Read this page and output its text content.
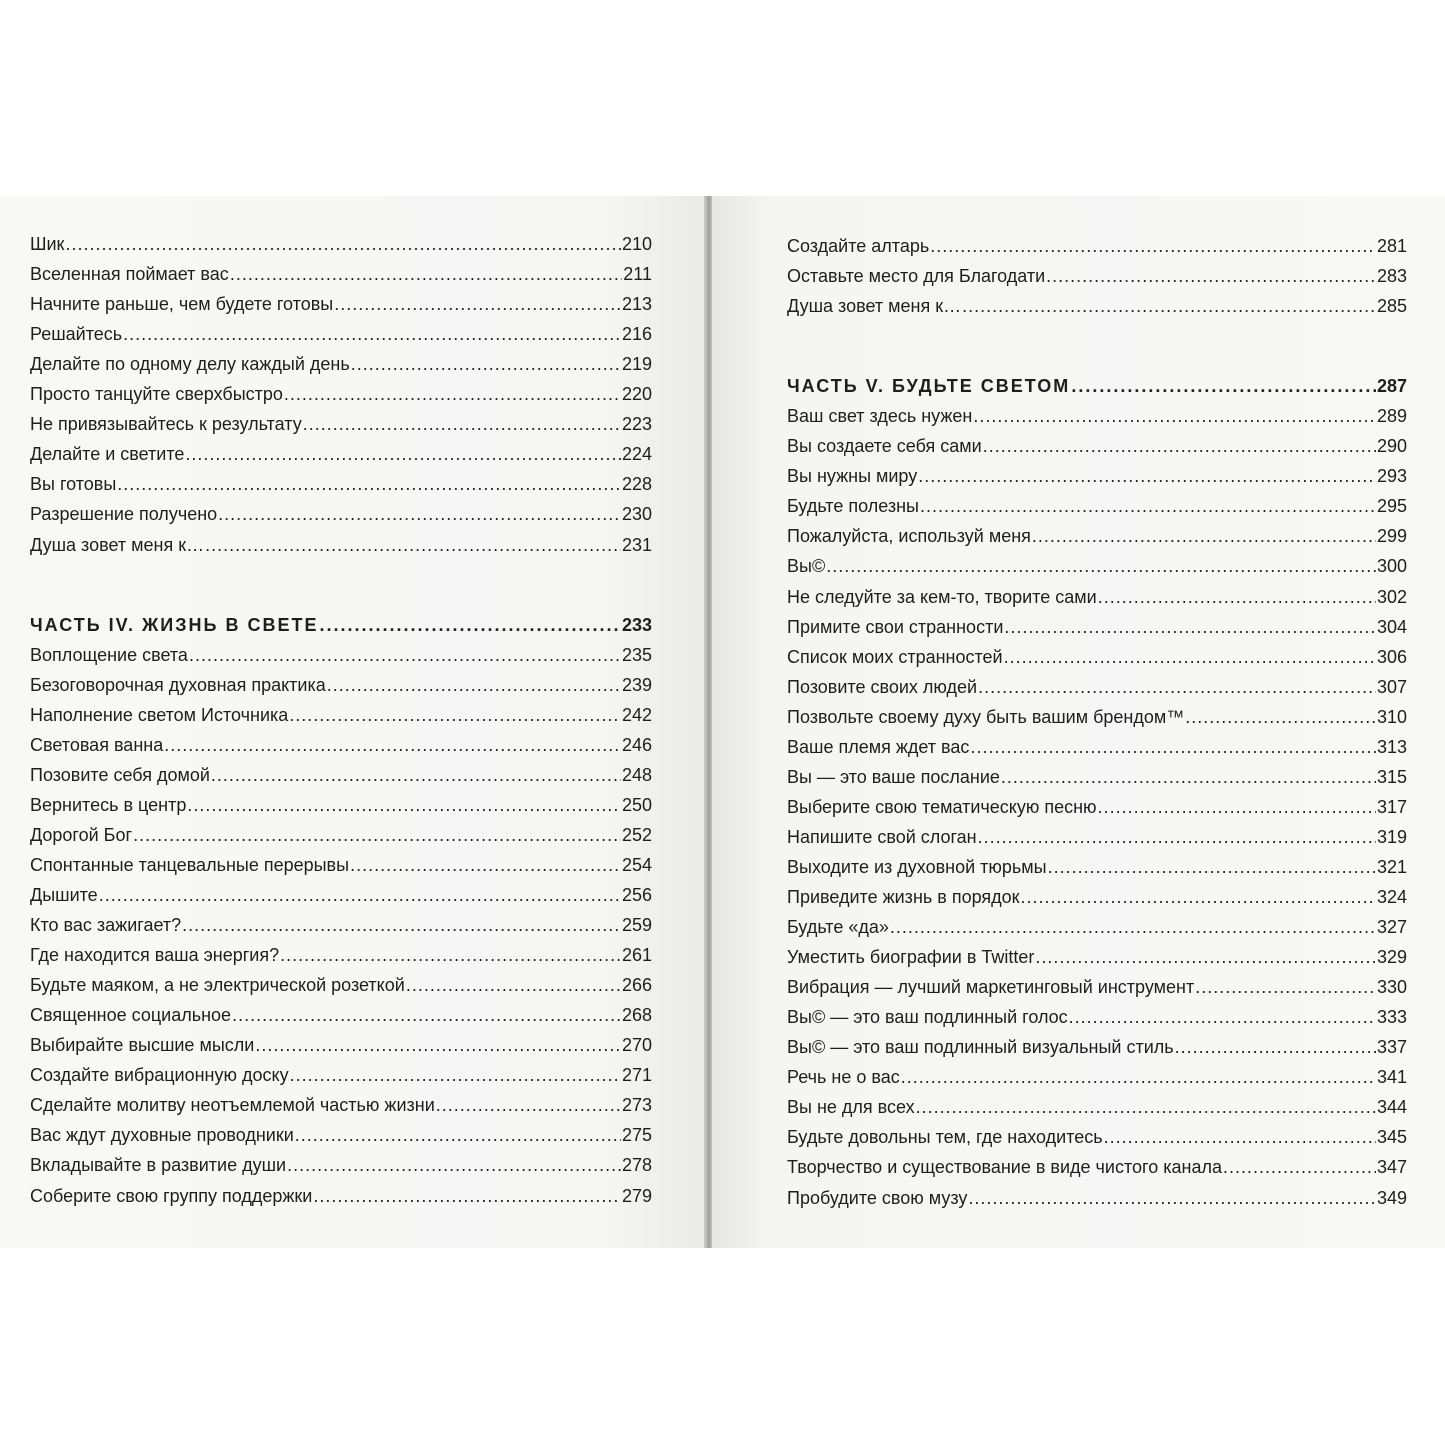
Шик .....	210
Вселенная поймает вас .....	211
Начните раньше, чем будете готовы .....	213
Решайтесь .....	216
Делайте по одному делу каждый день .....	219
Просто танцуйте сверхбыстро .....	220
Не привязывайтесь к результату .....	223
Делайте и светите .....	224
Вы готовы .....	228
Разрешение получено .....	230
Душа зовет меня к… .....	231
ЧАСТЬ IV. ЖИЗНЬ В СВЕТЕ .....	233
Воплощение света .....	235
Безоговорочная духовная практика .....	239
Наполнение светом Источника .....	242
Световая ванна .....	246
Позовите себя домой .....	248
Вернитесь в центр .....	250
Дорогой Бог .....	252
Спонтанные танцевальные перерывы .....	254
Дышите .....	256
Кто вас зажигает? .....	259
Где находится ваша энергия? .....	261
Будьте маяком, а не электрической розеткой .....	266
Священное социальное .....	268
Выбирайте высшие мысли .....	270
Создайте вибрационную доску .....	271
Сделайте молитву неотъемлемой частью жизни .....	273
Вас ждут духовные проводники .....	275
Вкладывайте в развитие души .....	278
Соберите свою группу поддержки .....	279
Создайте алтарь .....	281
Оставьте место для Благодати .....	283
Душа зовет меня к… .....	285
ЧАСТЬ V. БУДЬТЕ СВЕТОМ .....	287
Ваш свет здесь нужен .....	289
Вы создаете себя сами .....	290
Вы нужны миру .....	293
Будьте полезны .....	295
Пожалуйста, используй меня .....	299
Вы© .....	300
Не следуйте за кем-то, творите сами .....	302
Примите свои странности .....	304
Список моих странностей .....	306
Позовите своих людей .....	307
Позвольте своему духу быть вашим брендом™ .....	310
Ваше племя ждет вас .....	313
Вы — это ваше послание .....	315
Выберите свою тематическую песню .....	317
Напишите свой слоган .....	319
Выходите из духовной тюрьмы .....	321
Приведите жизнь в порядок .....	324
Будьте «да» .....	327
Уместить биографии в Twitter .....	329
Вибрация — лучший маркетинговый инструмент .....	330
Вы© — это ваш подлинный голос .....	333
Вы© — это ваш подлинный визуальный стиль .....	337
Речь не о вас .....	341
Вы не для всех .....	344
Будьте довольны тем, где находитесь .....	345
Творчество и существование в виде чистого канала .....	347
Пробудите свою музу .....	349
